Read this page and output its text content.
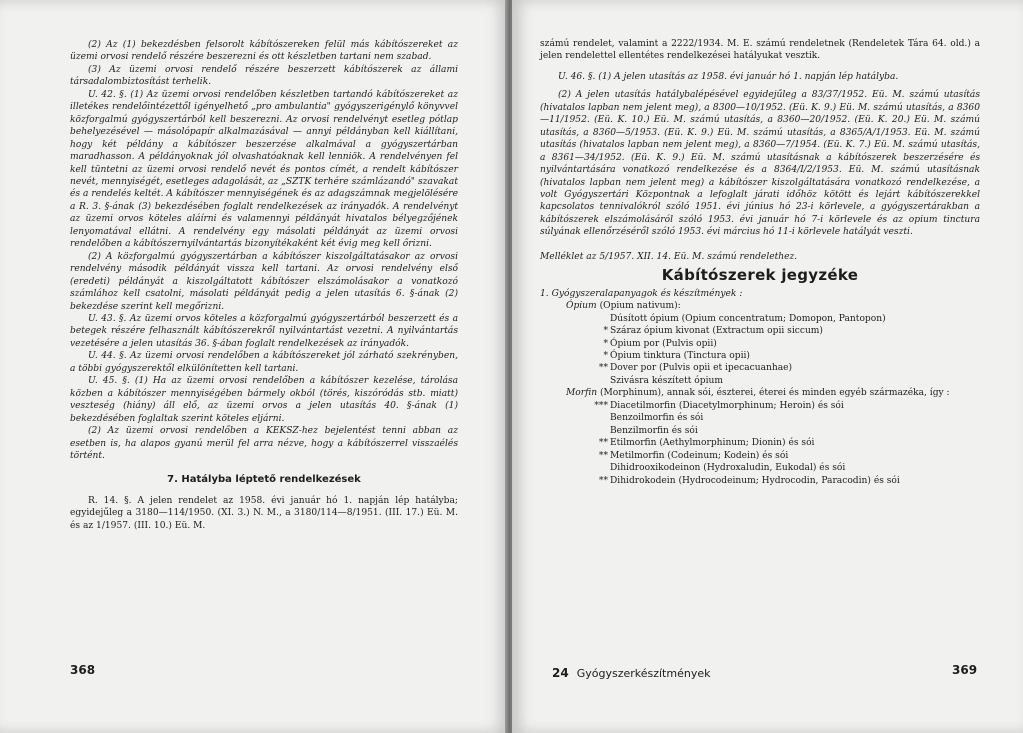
(2) Az (1) bekezdésben felsorolt kábítószereken felül más kábítószereket az üzemi orvosi rendelő részére beszerezni és ott készletben tartani nem szabad.

(3) Az üzemi orvosi rendelő részére beszerzett kábítószerek az állami társadalombiztosítást terhelik.

U. 42. §. (1) Az üzemi orvosi rendelőben készletben tartandó kábítószereket az illetékes rendelőintézettől igényelhető „pro ambulantia" gyógyszerigénylő könyvvel közforgalmú gyógyszertárból kell beszerezni. Az orvosi rendelvényt esetleg pótlap behelyezésével — másolópapír alkalmazásával — annyi példányban kell kiállítani, hogy két példány a kábítószer beszerzése alkalmával a gyógyszertárban maradhasson. A példányoknak jól olvashatóaknak kell lenniök. A rendelvényen fel kell tüntetni az üzemi orvosi rendelő nevét és pontos címét, a rendelt kábítószer nevét, mennyiségét, esetleges adagolását, az „SZTK terhére számlázandó" szavakat és a rendelés keltét. A kábítószer mennyiségének és az adagszámnak megjelölésére a R. 3. §-ának (3) bekezdésében foglalt rendelkezések az irányadók. A rendelvényt az üzemi orvos köteles aláírni és valamennyi példányát hivatalos bélyegzőjének lenyomatával ellátni. A rendelvény egy másolati példányát az üzemi orvosi rendelőben a kábítószernyilvántartás bizonyítékaként két évig meg kell őrizni.

(2) A közforgalmú gyógyszertárban a kábítószer kiszolgáltatásakor az orvosi rendelvény második példányát vissza kell tartani. Az orvosi rendelvény első (eredeti) példányát a kiszolgáltatott kábítószer elszámolásakor a vonatkozó számlához kell csatolni, másolati példányát pedig a jelen utasítás 6. §-ának (2) bekezdése szerint kell megőrizni.

U. 43. §. Az üzemi orvos köteles a közforgalmú gyógyszertárból beszerzett és a betegek részére felhasznált kábítószerekről nyilvántartást vezetni. A nyilvántartás vezetésére a jelen utasítás 36. §-ában foglalt rendelkezések az irányadók.

U. 44. §. Az üzemi orvosi rendelőben a kábítószereket jól zárható szekrényben, a többi gyógyszerektől elkülönítetten kell tartani.

U. 45. §. (1) Ha az üzemi orvosi rendelőben a kábítószer kezelése, tárolása közben a kábítószer mennyiségében bármely okból (törés, kiszóródás stb. miatt) veszteség (hiány) áll elő, az üzemi orvos a jelen utasítás 40. §-ának (1) bekezdésében foglaltak szerint köteles eljárni.

(2) Az üzemi orvosi rendelőben a KEKSZ-hez bejelentést tenni abban az esetben is, ha alapos gyanú merül fel arra nézve, hogy a kábítószerrel visszaélés történt.

7. Hatályba léptető rendelkezések

R. 14. §. A jelen rendelet az 1958. évi január hó 1. napján lép hatályba; egyidejűleg a 3180—114/1950. (XI. 3.) N. M., a 3180/114—8/1951. (III. 17.) Eü. M. és az 1/1957. (III. 10.) Eü. M.

368

számú rendelet, valamint a 2222/1934. M. E. számú rendeletnek (Rendeletek Tára 64. old.) a jelen rendelettel ellentétes rendelkezései hatályukat vesztik.

U. 46. §. (1) A jelen utasítás az 1958. évi január hó 1. napján lép hatályba.

(2) A jelen utasítás hatálybalépésével egyidejűleg a 83/37/1952. Eü. M. számú utasítás (hivatalos lapban nem jelent meg), a 8300—10/1952. (Eü. K. 9.) Eü. M. számú utasítás, a 8360—11/1952. (Eü. K. 10.) Eü. M. számú utasítás, a 8360—20/1952. (Eü. K. 20.) Eü. M. számú utasítás, a 8360—5/1953. (Eü. K. 9.) Eü. M. számú utasítás, a 8365/A/1/1953. Eü. M. számú utasítás (hivatalos lapban nem jelent meg), a 8360—7/1954. (Eü. K. 7.) Eü. M. számú utasítás, a 8361—34/1952. (Eü. K. 9.) Eü. M. számú utasításnak a kábítószerek beszerzésére és nyilvántartására vonatkozó rendelkezése és a 8364/I/2/1953. Eü. M. számú utasításnak (hivatalos lapban nem jelent meg) a kábítószer kiszolgáltatására vonatkozó rendelkezése, a volt Gyógyszertári Központnak a lefoglalt járati időhöz kötött és lejárt kábítószerekkel kapcsolatos tennivalókról szóló 1951. évi június hó 23-i körlevele, a gyógyszertárakban a kábítószerek elszámolásáról szóló 1953. évi január hó 7-i körlevele és az opium tinctura súlyának ellenőrzéséről szóló 1953. évi március hó 11-i körlevele hatályát veszti.

Melléklet az 5/1957. XII. 14. Eü. M. számú rendelethez.

Kábítószerek jegyzéke

1. Gyógyszeralapanyagok és készítmények :

Ópium (Opium nativum):

Dúsított ópium (Opium concentratum; Domopon, Pantopon)

* Száraz ópium kivonat (Extractum opii siccum)

* Ópium por (Pulvis opii)

* Ópium tinktura (Tinctura opii)

** Dover por (Pulvis opii et ipecacuanhae)

Szivásra készített ópium

Morfin (Morphinum), annak sói, észterei, éterei és minden egyéb származéka, így :

*** Diacetilmorfin (Diacetylmorphinum; Heroin) és sói

Benzoilmorfin és sói

Benzilmorfin és sói

** Etilmorfin (Aethylmorphinum; Dionin) és sói

** Metilmorfin (Codeinum; Kodein) és sói

Dihidrooxikodeinon (Hydroxaludin, Eukodal) és sói

** Dihidrokodein (Hydrocodeinum; Hydrocodin, Paracodin) és sói

24 Gyógyszerkészítmények	369
